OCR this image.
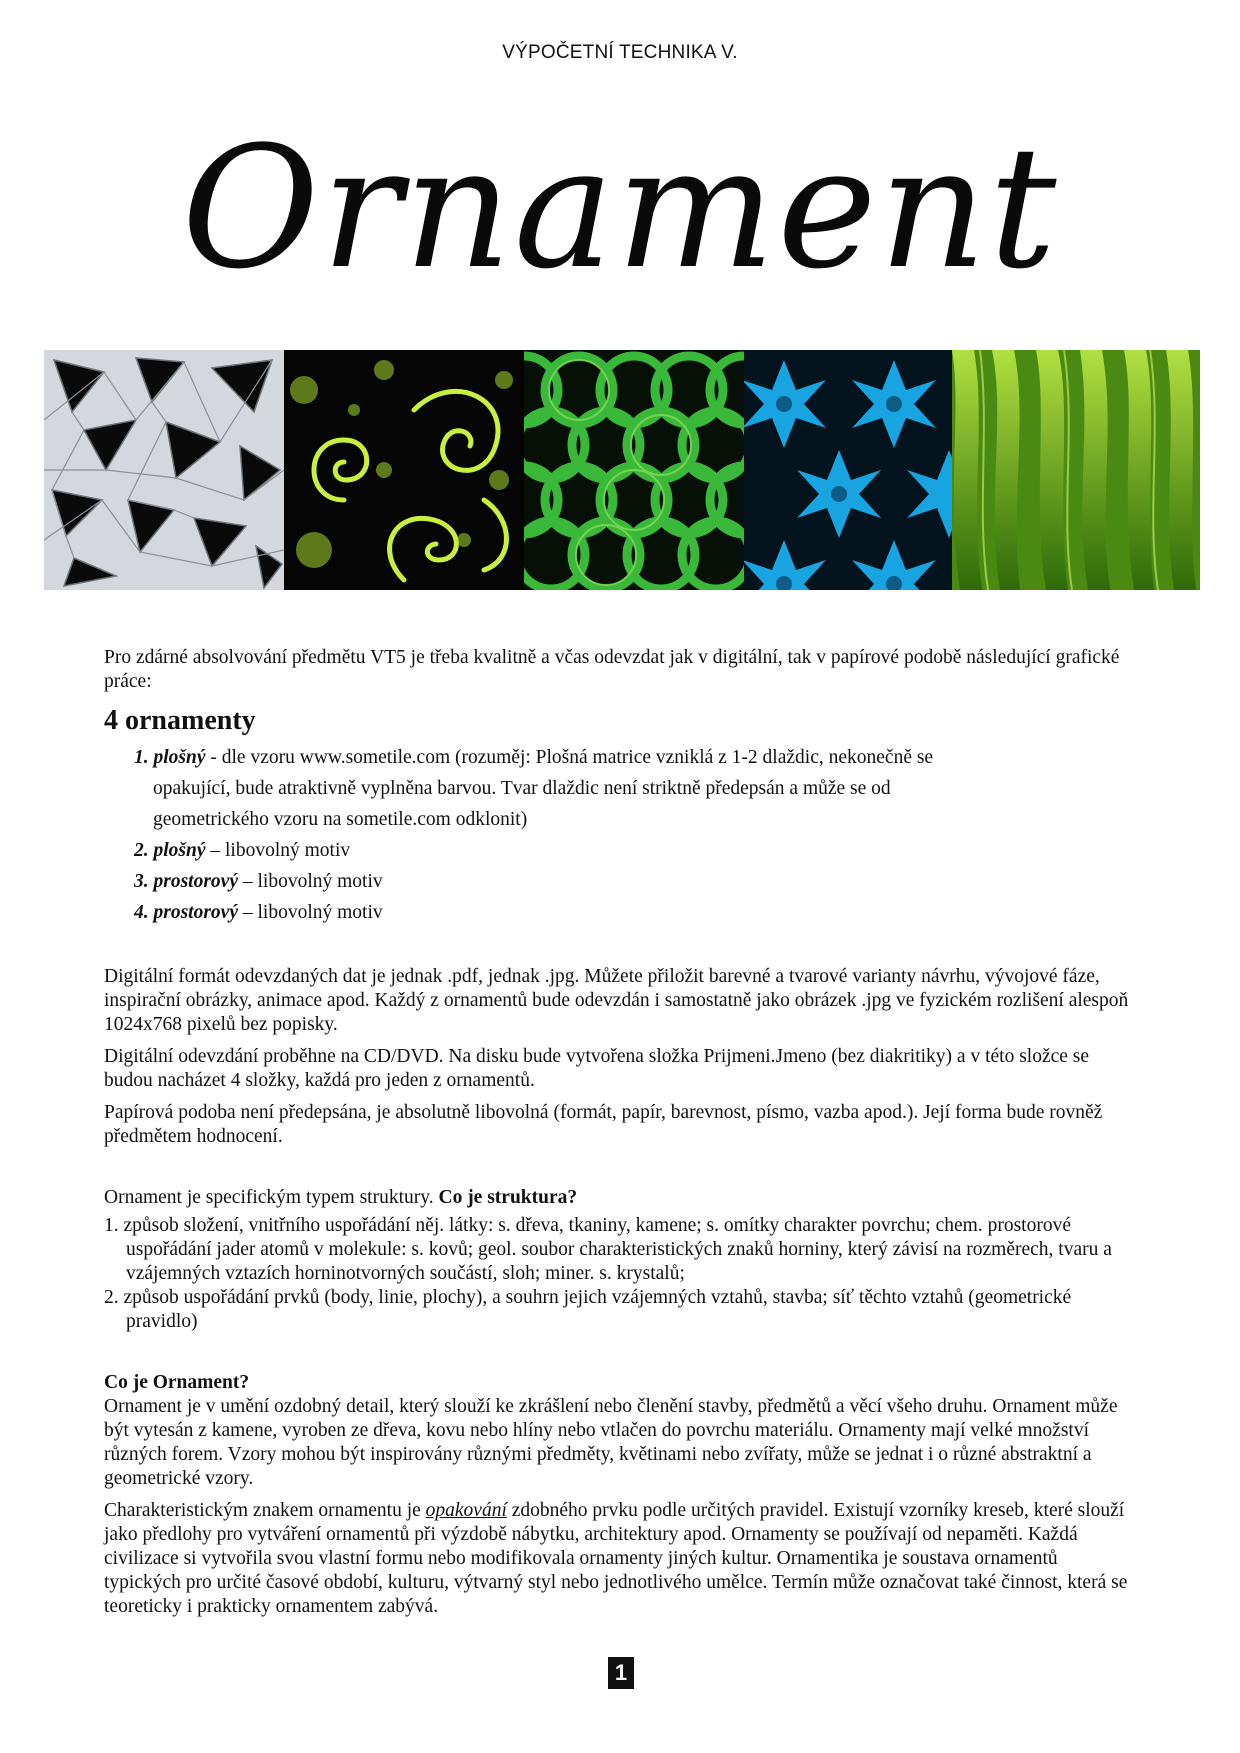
VÝPOČETNÍ TECHNIKA V.
Ornament

Pro zdárné absolvování předmětu VT5 je třeba kvalitně a včas odevzdat jak v digitální, tak v papírové podobě následující grafické práce:

4 ornamenty
1. plošný - dle vzoru www.sometile.com (rozuměj: Plošná matrice vzniklá z 1-2 dlaždic, nekonečně se
opakující, bude atraktivně vyplněna barvou. Tvar dlaždic není striktně předepsán a může se od
geometrického vzoru na sometile.com odklonit)
2. plošný – libovolný motiv
3. prostorový – libovolný motiv
4. prostorový – libovolný motiv

Digitální formát odevzdaných dat je jednak .pdf, jednak .jpg. Můžete přiložit barevné a tvarové varianty návrhu, vývojové fáze, inspirační obrázky, animace apod. Každý z ornamentů bude odevzdán i samostatně jako obrázek .jpg ve fyzickém rozlišení alespoň 1024x768 pixelů bez popisky.

Digitální odevzdání proběhne na CD/DVD. Na disku bude vytvořena složka Prijmeni.Jmeno (bez diakritiky) a v této složce se budou nacházet 4 složky, každá pro jeden z ornamentů.

Papírová podoba není předepsána, je absolutně libovolná (formát, papír, barevnost, písmo, vazba apod.). Její forma bude rovněž předmětem hodnocení.

Ornament je specifickým typem struktury. Co je struktura?

1. způsob složení, vnitřního uspořádání něj. látky: s. dřeva, tkaniny, kamene; s. omítky charakter povrchu; chem. prostorové uspořádání jader atomů v molekule: s. kovů; geol. soubor charakteristických znaků horniny, který závisí na rozměrech, tvaru a vzájemných vztazích horninotvorných součástí, sloh; miner. s. krystalů;
2. způsob uspořádání prvků (body, linie, plochy), a souhrn jejich vzájemných vztahů, stavba; síť těchto vztahů (geometrické pravidlo)

Co je Ornament?

Ornament je v umění ozdobný detail, který slouží ke zkrášlení nebo členění stavby, předmětů a věcí všeho druhu. Ornament může být vytesán z kamene, vyroben ze dřeva, kovu nebo hlíny nebo vtlačen do povrchu materiálu. Ornamenty mají velké množství různých forem. Vzory mohou být inspirovány různými předměty, květinami nebo zvířaty, může se jednat i o různé abstraktní a geometrické vzory.

Charakteristickým znakem ornamentu je opakování zdobného prvku podle určitých pravidel. Existují vzorníky kreseb, které slouží jako předlohy pro vytváření ornamentů při výzdobě nábytku, architektury apod. Ornamenty se používají od nepaměti. Každá civilizace si vytvořila svou vlastní formu nebo modifikovala ornamenty jiných kultur. Ornamentika je soustava ornamentů typických pro určité časové období, kulturu, výtvarný styl nebo jednotlivého umělce. Termín může označovat také činnost, která se teoreticky i prakticky ornamentem zabývá.

1
